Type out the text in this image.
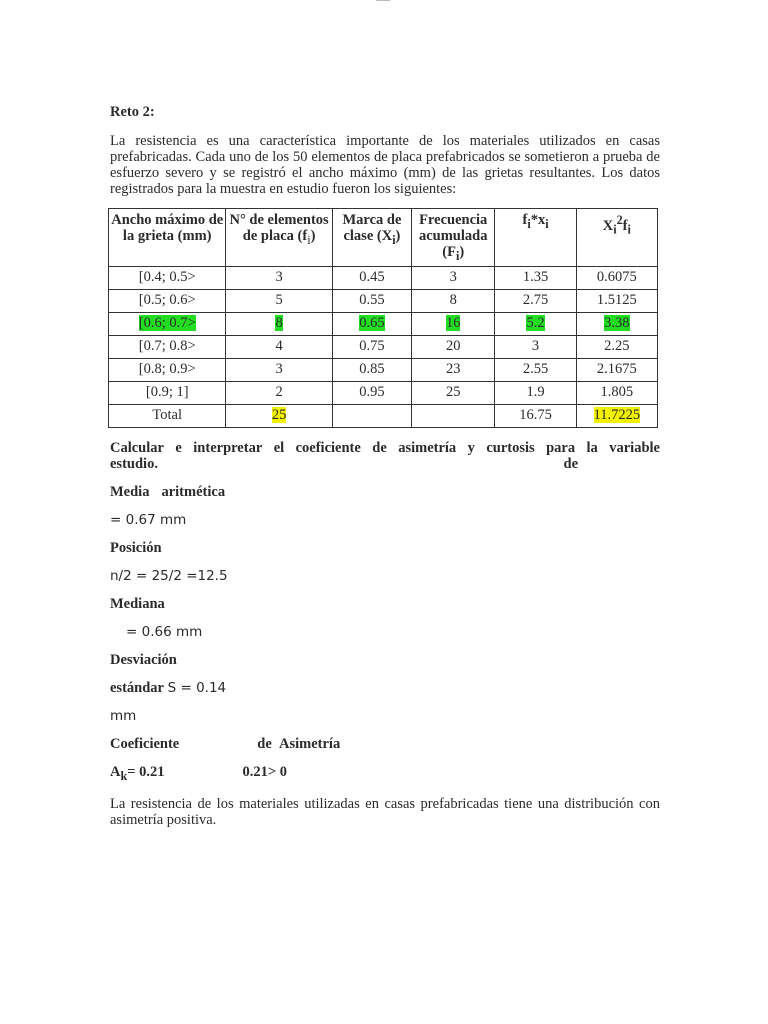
Reto 2:

La resistencia es una característica importante de los materiales utilizados en casas prefabricadas. Cada uno de los 50 elementos de placa prefabricados se sometieron a prueba de esfuerzo severo y se registró el ancho máximo (mm) de las grietas resultantes. Los datos registrados para la muestra en estudio fueron los siguientes:

Ancho máximo de la grieta (mm)	N° de elementos de placa $(f_i)$	Marca de clase $(X_i)$	Frecuencia acumulada $(F_i)$	$f_i*x_i$	$X_i^2f_i$
[0.4; 0.5>	3	0.45	3	1.35	0.6075
[0.5; 0.6>	5	0.55	8	2.75	1.5125
[0.6; 0.7>	8	0.65	16	5.2	3.38
[0.7; 0.8>	4	0.75	20	3	2.25
[0.8; 0.9>	3	0.85	23	2.55	2.1675
[0.9; 1]	2	0.95	25	1.9	1.805
Total	25			16.75	11.7225
Calcular e interpretar el coeficiente de asimetría y curtosis para la variable
estudio.	de

Media aritmética

= 0.67 mm

Posición

n/2 = 25/2 =12.5

Mediana

= 0.66 mm

Desviación

estándar S = 0.14

mm

Coeficiente	de Asimetría

$A_k= 0.21$	0.21> 0

La resistencia de los materiales utilizadas en casas prefabricadas tiene una distribución con asimetría positiva.
